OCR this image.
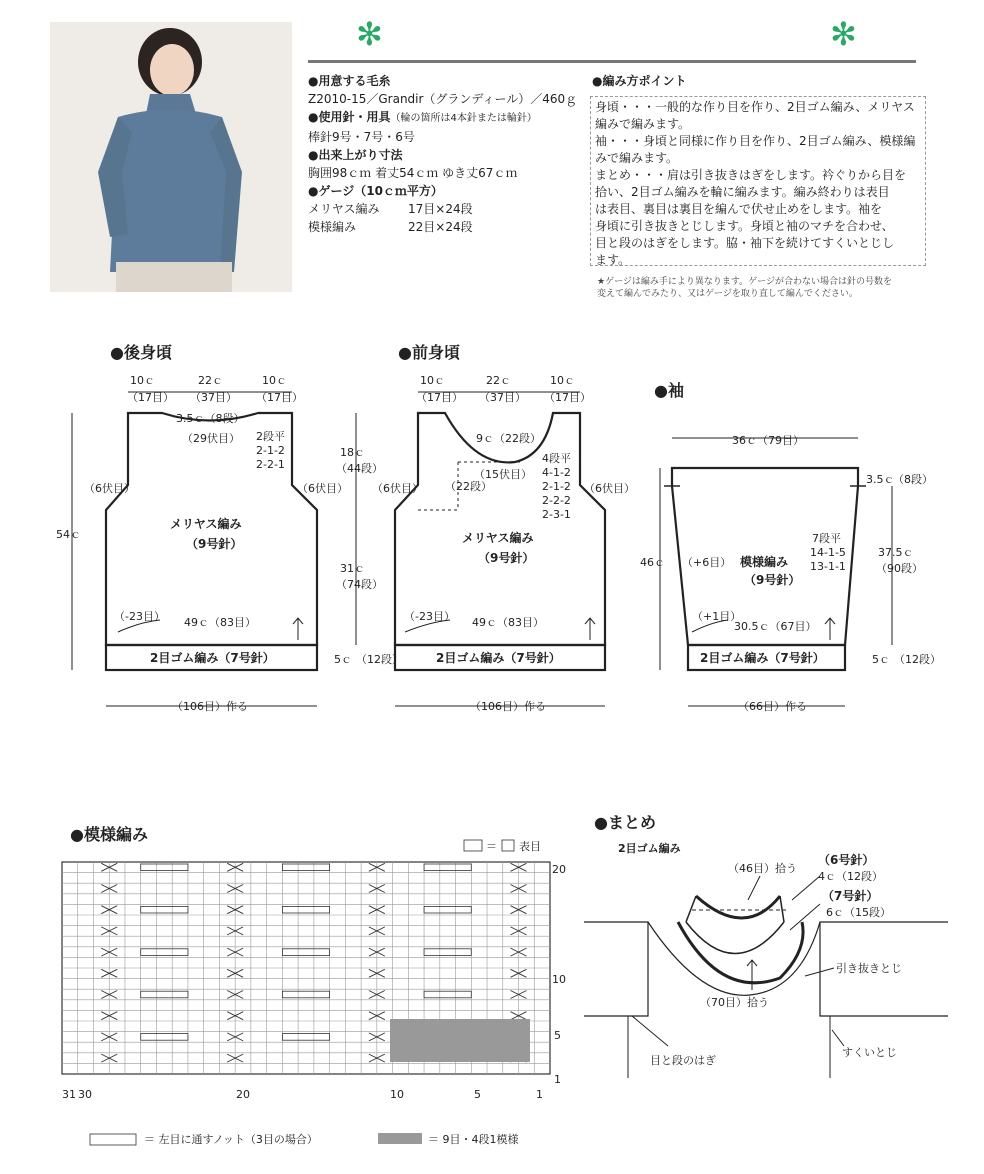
✻	✻
●用意する毛糸
Z2010-15／Grandir（グランディール）／460ｇ
●使用針・用具（輪の箇所は4本針または輪針）
棒針9号・7号・6号
●出来上がり寸法
胸囲98ｃｍ 着丈54ｃｍ ゆき丈67ｃｍ
●ゲージ（10ｃｍ平方）
メリヤス編み 17目×24段
模様編み	22目×24段
●編み方ポイント
身頃・・・一般的な作り目を作り、2目ゴム編み、メリヤス
編みで編みます。
袖・・・身頃と同様に作り目を作り、2目ゴム編み、模様編
みで編みます。
まとめ・・・肩は引き抜きはぎをします。衿ぐりから目を
拾い、2目ゴム編みを輪に編みます。編み終わりは表目
は表目、裏目は裏目を編んで伏せ止めをします。袖を
身頃に引き抜きとじします。身頃と袖のマチを合わせ、
目と段のはぎをします。脇・袖下を続けてすくいとじし
ます。
★ゲージは編み手により異なります。ゲージが合わない場合は針の号数を
変えて編んでみたり、又はゲージを取り直して編んでください。
●後身頃
10ｃ
（17目）
22ｃ
（37目）
10ｃ
（17目）
3.5ｃ（8段）
（29伏目） 2段平
2-1-2
2-2-1
（6伏目）	（6伏目）
54ｃ
メリヤス編み
（9号針）
（-23目） 49ｃ（83目）
2目ゴム編み（7号針）
（106目）作る
●前身頃
10ｃ
（17目）
22ｃ
（37目）
10ｃ
（17目）
9ｃ（22段）
（15伏目）
4段平
4-1-2
2-1-2
2-2-2
2-3-1
（22段）
18ｃ
（44段）
31ｃ
（74段）
5ｃ （12段）
（6伏目）	（6伏目）
メリヤス編み
（9号針）
（-23目） 49ｃ（83目）
2目ゴム編み（7号針）
（106目）作る
●袖
36ｃ（79目）
3.5ｃ
（8段）
46ｃ （+6目） 模様編み
（9号針）
7段平
14-1-5
13-1-1
37.5ｃ
（90段）
（+1目）
30.5ｃ（67目）
2目ゴム編み（7号針）	5ｃ （12段）
（66目）作る
●模様編み
＝ 表目
20
10
5
1
31 30	20	10	5	1
＝ 左目に通すノット（3目の場合）	＝ 9目・4段1模様
●まとめ
2目ゴム編み
（46目）拾う
（6号針）
4ｃ（12段）
（7号針）
6ｃ（15段）
（70目）拾う
引き抜きとじ
目と段のはぎ
すくいとじ
